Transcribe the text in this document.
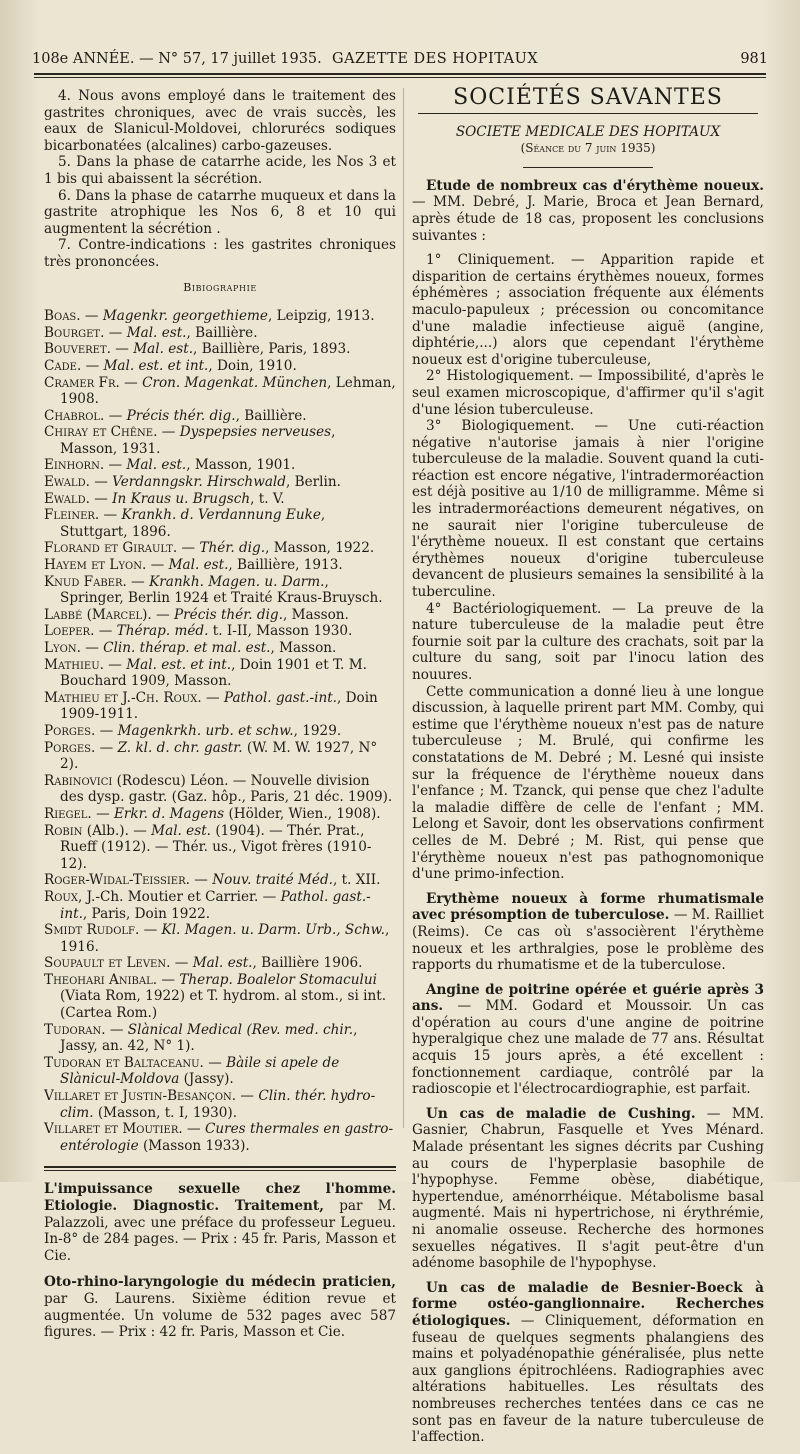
108e ANNÉE. — N° 57, 17 juillet 1935. GAZETTE DES HOPITAUX	981

4. Nous avons employé dans le traitement des gastrites chroniques, avec de vrais succès, les eaux de Slanicul-Moldovei, chlorurécs sodiques bicarbonatées (alcalines) carbo-gazeuses.

5. Dans la phase de catarrhe acide, les Nos 3 et 1 bis qui abaissent la sécrétion.

6. Dans la phase de catarrhe muqueux et dans la gastrite atrophique les Nos 6, 8 et 10 qui augmentent la sécrétion .

7. Contre-indications : les gastrites chroniques très prononcées.

Bibiographie

Boas. — Magenkr. georgethieme, Leipzig, 1913.

Bourget. — Mal. est., Baillière.

Bouveret. — Mal. est., Baillière, Paris, 1893.

Cade. — Mal. est. et int., Doin, 1910.

Cramer Fr. — Cron. Magenkat. München, Lehman, 1908.

Chabrol. — Précis thér. dig., Baillière.

Chiray et Chêne. — Dyspepsies nerveuses, Masson, 1931.

Einhorn. — Mal. est., Masson, 1901.

Ewald. — Verdanngskr. Hirschwald, Berlin.

Ewald. — In Kraus u. Brugsch, t. V.

Fleiner. — Krankh. d. Verdannung Euke, Stuttgart, 1896.

Florand et Girault. — Thér. dig., Masson, 1922.

Hayem et Lyon. — Mal. est., Baillière, 1913.

Knud Faber. — Krankh. Magen. u. Darm., Springer, Berlin 1924 et Traité Kraus-Bruysch.

Labbé (Marcel). — Précis thér. dig., Masson.

Loeper. — Thérap. méd. t. I-II, Masson 1930.

Lyon. — Clin. thérap. et mal. est., Masson.

Mathieu. — Mal. est. et int., Doin 1901 et T. M. Bouchard 1909, Masson.

Mathieu et J.-Ch. Roux. — Pathol. gast.-int., Doin 1909-1911.

Porges. — Magenkrkh. urb. et schw., 1929.

Porges. — Z. kl. d. chr. gastr. (W. M. W. 1927, N° 2).

Rabinovici (Rodescu) Léon. — Nouvelle division des dysp. gastr. (Gaz. hôp., Paris, 21 déc. 1909).

Riegel. — Erkr. d. Magens (Hölder, Wien., 1908).

Robin (Alb.). — Mal. est. (1904). — Thér. Prat., Rueff (1912). — Thér. us., Vigot frères (1910-12).

Roger-Widal-Teissier. — Nouv. traité Méd., t. XII.

Roux, J.-Ch. Moutier et Carrier. — Pathol. gast.-int., Paris, Doin 1922.

Smidt Rudolf. — Kl. Magen. u. Darm. Urb., Schw., 1916.

Soupault et Leven. — Mal. est., Baillière 1906.

Theohari Anibal. — Therap. Boalelor Stomacului (Viata Rom, 1922) et T. hydrom. al stom., si int. (Cartea Rom.)

Tudoran. — Slànical Medical (Rev. med. chir., Jassy, an. 42, N° 1).

Tudoran et Baltaceanu. — Bàile si apele de Slànicul-Moldova (Jassy).

Villaret et Justin-Besançon. — Clin. thér. hydro-clim. (Masson, t. I, 1930).

Villaret et Moutier. — Cures thermales en gastro-entérologie (Masson 1933).

L'impuissance sexuelle chez l'homme. Etiologie. Diagnostic. Traitement, par M. Palazzoli, avec une préface du professeur Legueu. In-8° de 284 pages. — Prix : 45 fr. Paris, Masson et Cie.

Oto-rhino-laryngologie du médecin praticien, par G. Laurens. Sixième édition revue et augmentée. Un volume de 532 pages avec 587 figures. — Prix : 42 fr. Paris, Masson et Cie.

SOCIÉTÉS SAVANTES
SOCIETE MEDICALE DES HOPITAUX
(Séance du 7 juin 1935)

Etude de nombreux cas d'érythème noueux. — MM. Debré, J. Marie, Broca et Jean Bernard, après étude de 18 cas, proposent les conclusions suivantes :

1° Cliniquement. — Apparition rapide et disparition de certains érythèmes noueux, formes éphémères ; association fréquente aux éléments maculo-papuleux ; précession ou concomitance d'une maladie infectieuse aiguë (angine, diphtérie,...) alors que cependant l'érythème noueux est d'origine tuberculeuse,

2° Histologiquement. — Impossibilité, d'après le seul examen microscopique, d'affirmer qu'il s'agit d'une lésion tuberculeuse.

3° Biologiquement. — Une cuti-réaction négative n'autorise jamais à nier l'origine tuberculeuse de la maladie. Souvent quand la cuti-réaction est encore négative, l'intradermoréaction est déjà positive au 1/10 de milligramme. Même si les intradermoréactions demeurent négatives, on ne saurait nier l'origine tuberculeuse de l'érythème noueux. Il est constant que certains érythèmes noueux d'origine tuberculeuse devancent de plusieurs semaines la sensibilité à la tuberculine.

4° Bactériologiquement. — La preuve de la nature tuberculeuse de la maladie peut être fournie soit par la culture des crachats, soit par la culture du sang, soit par l'inocu lation des nouures.

Cette communication a donné lieu à une longue discussion, à laquelle prirent part MM. Comby, qui estime que l'érythème noueux n'est pas de nature tuberculeuse ; M. Brulé, qui confirme les constatations de M. Debré ; M. Lesné qui insiste sur la fréquence de l'érythème noueux dans l'enfance ; M. Tzanck, qui pense que chez l'adulte la maladie diffère de celle de l'enfant ; MM. Lelong et Savoir, dont les observations confirment celles de M. Debré ; M. Rist, qui pense que l'érythème noueux n'est pas pathognomonique d'une primo-infection.

Erythème noueux à forme rhumatismale avec présomption de tuberculose. — M. Railliet (Reims). Ce cas où s'associèrent l'érythème noueux et les arthralgies, pose le problème des rapports du rhumatisme et de la tuberculose.

Angine de poitrine opérée et guérie après 3 ans. — MM. Godard et Moussoir. Un cas d'opération au cours d'une angine de poitrine hyperalgique chez une malade de 77 ans. Résultat acquis 15 jours après, a été excellent : fonctionnement cardiaque, contrôlé par la radioscopie et l'électrocardiographie, est parfait.

Un cas de maladie de Cushing. — MM. Gasnier, Chabrun, Fasquelle et Yves Ménard. Malade présentant les signes décrits par Cushing au cours de l'hyperplasie basophile de l'hypophyse. Femme obèse, diabétique, hypertendue, aménorrhéique. Métabolisme basal augmenté. Mais ni hypertrichose, ni érythrémie, ni anomalie osseuse. Recherche des hormones sexuelles négatives. Il s'agit peut-être d'un adénome basophile de l'hypophyse.

Un cas de maladie de Besnier-Boeck à forme ostéo-ganglionnaire. Recherches étiologiques. — Cliniquement, déformation en fuseau de quelques segments phalangiens des mains et polyadénopathie généralisée, plus nette aux ganglions épitrochléens. Radiographies avec altérations habituelles. Les résultats des nombreuses recherches tentées dans ce cas ne sont pas en faveur de la nature tuberculeuse de l'affection.
